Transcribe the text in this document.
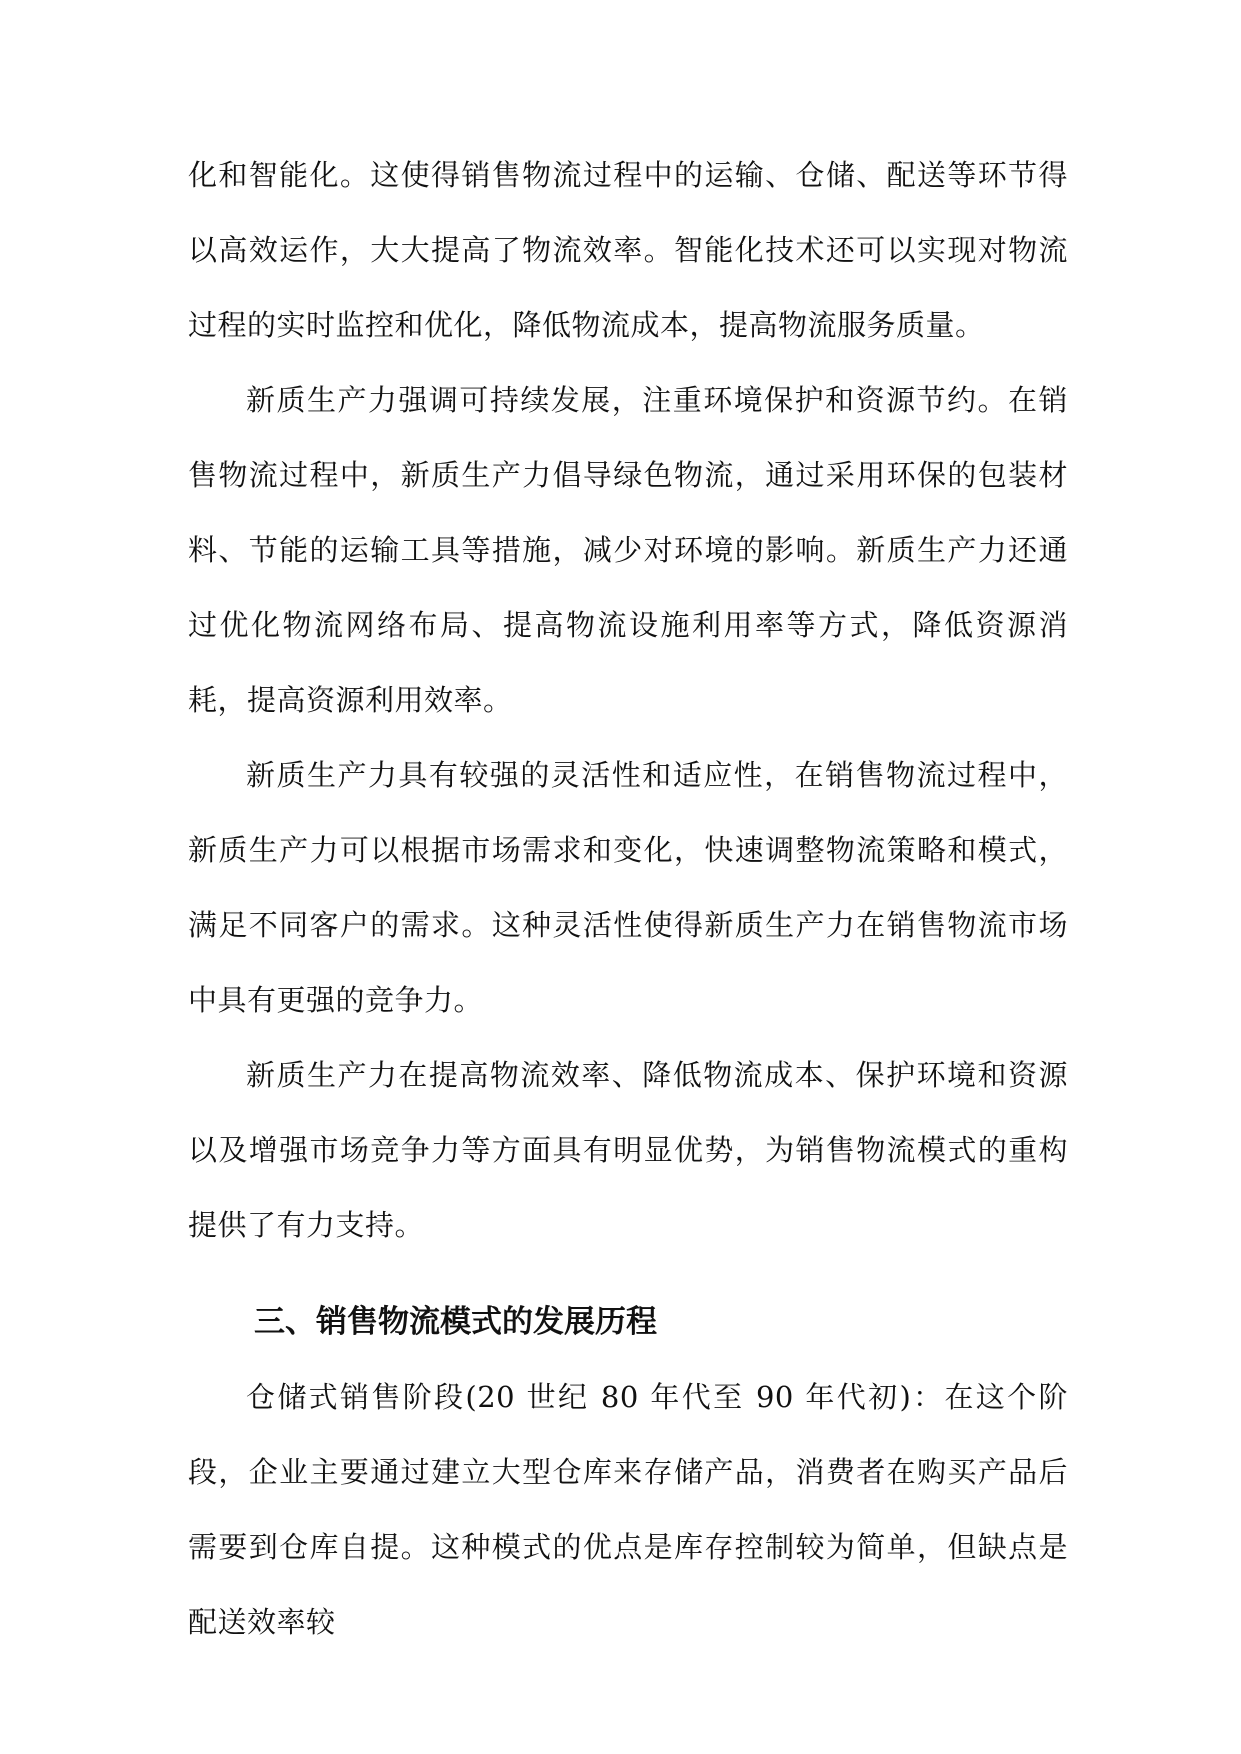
化和智能化。这使得销售物流过程中的运输、仓储、配送等环节得以高效运作，大大提高了物流效率。智能化技术还可以实现对物流过程的实时监控和优化，降低物流成本，提高物流服务质量。

新质生产力强调可持续发展，注重环境保护和资源节约。在销售物流过程中，新质生产力倡导绿色物流，通过采用环保的包装材料、节能的运输工具等措施，减少对环境的影响。新质生产力还通过优化物流网络布局、提高物流设施利用率等方式，降低资源消耗，提高资源利用效率。

新质生产力具有较强的灵活性和适应性，在销售物流过程中，新质生产力可以根据市场需求和变化，快速调整物流策略和模式，满足不同客户的需求。这种灵活性使得新质生产力在销售物流市场中具有更强的竞争力。

新质生产力在提高物流效率、降低物流成本、保护环境和资源以及增强市场竞争力等方面具有明显优势，为销售物流模式的重构提供了有力支持。

三、销售物流模式的发展历程

仓储式销售阶段(20 世纪 80 年代至 90 年代初)：在这个阶段，企业主要通过建立大型仓库来存储产品，消费者在购买产品后需要到仓库自提。这种模式的优点是库存控制较为简单，但缺点是配送效率较
